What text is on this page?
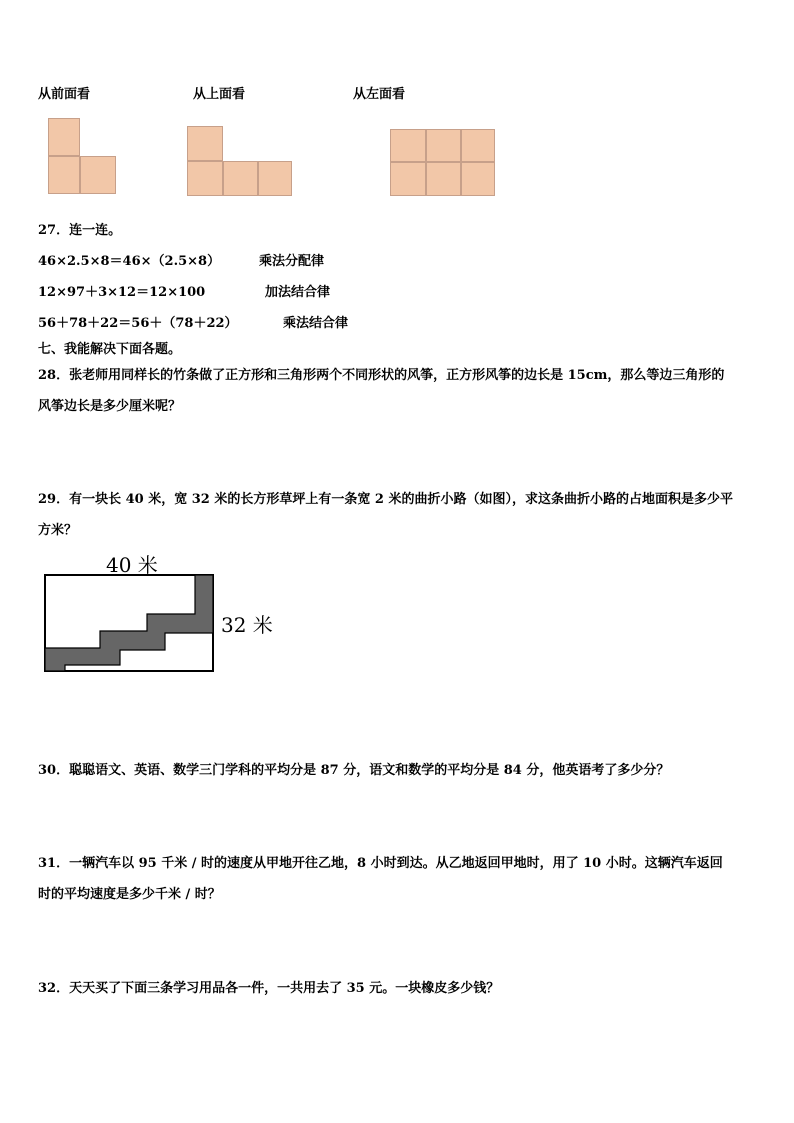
从前面看	从上面看	从左面看
27．连一连。
46×2.5×8＝46×（2.5×8）	乘法分配律
12×97＋3×12＝12×100	加法结合律
56＋78＋22＝56＋（78＋22）	乘法结合律
七、我能解决下面各题。
28．张老师用同样长的竹条做了正方形和三角形两个不同形状的风筝，正方形风筝的边长是 15cm，那么等边三角形的
风筝边长是多少厘米呢？
29．有一块长 40 米，宽 32 米的长方形草坪上有一条宽 2 米的曲折小路（如图），求这条曲折小路的占地面积是多少平
方米？
40 米
32 米
30．聪聪语文、英语、数学三门学科的平均分是 87 分，语文和数学的平均分是 84 分，他英语考了多少分？
31．一辆汽车以 95 千米 / 时的速度从甲地开往乙地，8 小时到达。从乙地返回甲地时，用了 10 小时。这辆汽车返回
时的平均速度是多少千米 / 时？
32．天天买了下面三条学习用品各一件，一共用去了 35 元。一块橡皮多少钱？
